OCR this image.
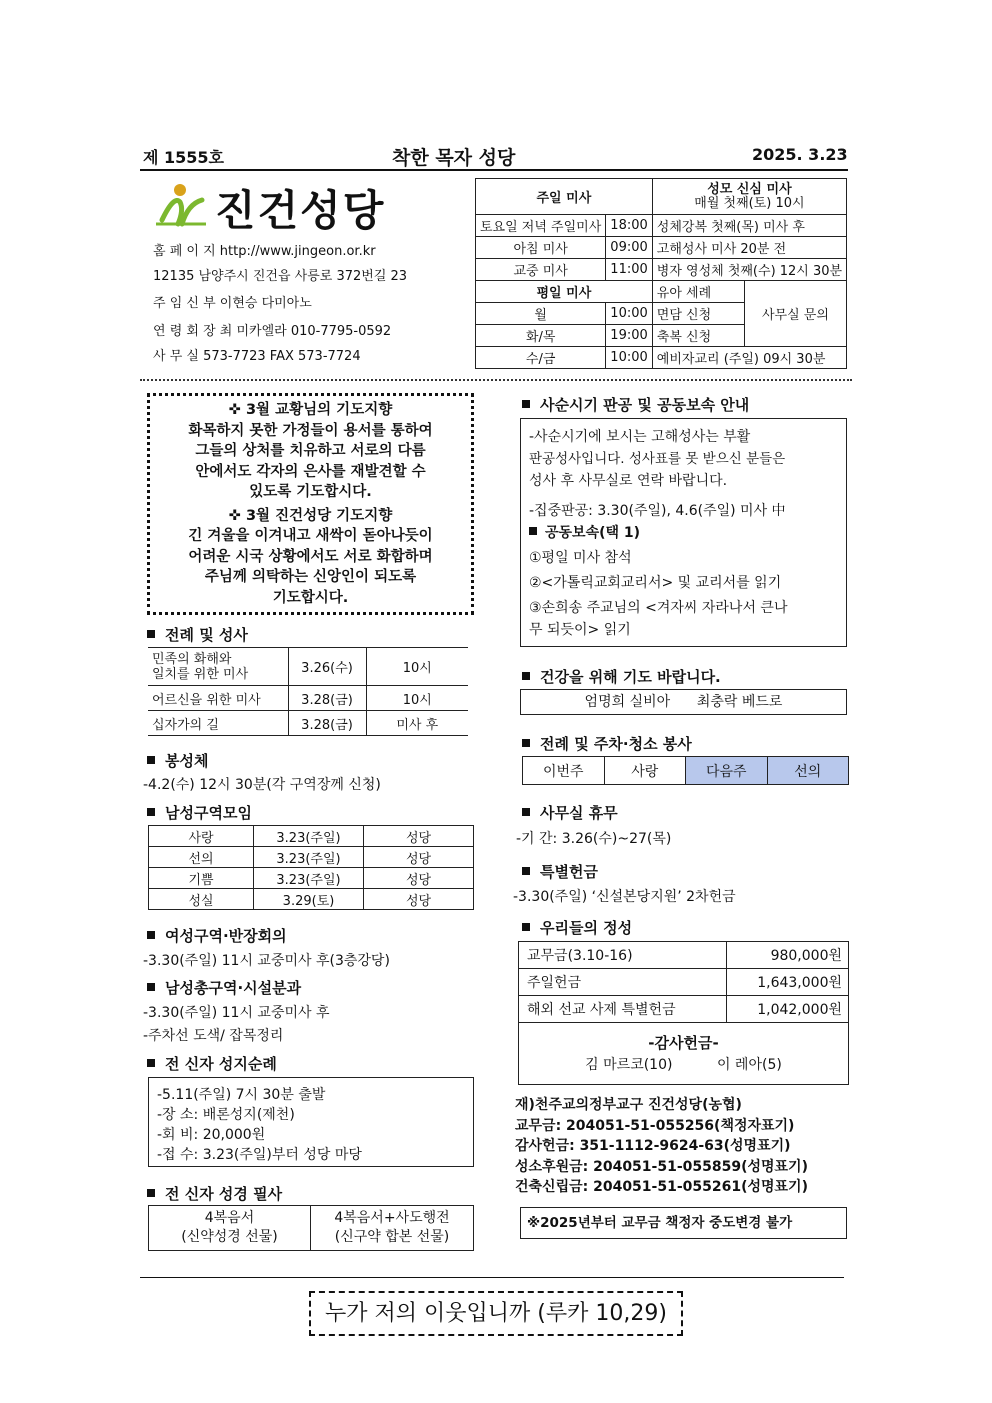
제 1555호	착한 목자 성당	2025. 3.23
진건성당
홈 페 이 지 http://www.jingeon.or.kr
12135 남양주시 진건읍 사릉로 372번길 23
주 임 신 부 이현승 다미아노
연 령 회 장 최 미카엘라 010-7795-0592
사 무 실 573-7723 FAX 573-7724
주일 미사		성모 신심 미사
매월 첫째(토) 10시	

토요일 저녁 주일미사	18:00	성체강복 첫째(목) 미사 후	
아침 미사	09:00	고해성사 미사 20분 전	
교중 미사	11:00	병자 영성체 첫째(수) 12시 30분	
평일 미사		유아 세례	사무실 문의
월	10:00	면담 신청	
화/목	19:00	축복 신청	
수/금	10:00	예비자교리 (주일) 09시 30분	
✜ 3월 교황님의 기도지향
화목하지 못한 가정들이 용서를 통하여
그들의 상처를 치유하고 서로의 다름
안에서도 각자의 은사를 재발견할 수
있도록 기도합시다.
✜ 3월 진건성당 기도지향
긴 겨울을 이겨내고 새싹이 돋아나듯이
어려운 시국 상황에서도 서로 화합하며
주님께 의탁하는 신앙인이 되도록
기도합시다.
전례 및 성사
민족의 화해와
일치를 위한 미사	3.26(수)	10시
어르신을 위한 미사	3.28(금)	10시
십자가의 길	3.28(금)	미사 후
봉성체
-4.2(수) 12시 30분(각 구역장께 신청)
남성구역모임
사랑	3.23(주일)	성당
선의	3.23(주일)	성당
기쁨	3.23(주일)	성당
성실	3.29(토)	성당
여성구역·반장회의
-3.30(주일) 11시 교중미사 후(3층강당)
남성총구역·시설분과
-3.30(주일) 11시 교중미사 후
-주차선 도색/ 잡목정리
전 신자 성지순례
-5.11(주일) 7시 30분 출발
-장 소: 배론성지(제천)
-회 비: 20,000원
-접 수: 3.23(주일)부터 성당 마당
전 신자 성경 필사
4복음서
(신약성경 선물)

4복음서+사도행전
(신구약 합본 선물)
사순시기 판공 및 공동보속 안내
-사순시기에 보시는 고해성사는 부활
판공성사입니다. 성사표를 못 받으신 분들은
성사 후 사무실로 연락 바랍니다.
-집중판공: 3.30(주일), 4.6(주일) 미사 中
공동보속(택 1)
①평일 미사 참석
②<가톨릭교회교리서> 및 교리서를 읽기
③손희송 주교님의 <겨자씨 자라나서 큰나
무 되듯이> 읽기
건강을 위해 기도 바랍니다.
엄명희 실비아      최충락 베드로
전례 및 주차·청소 봉사
이번주	사랑	다음주	선의
사무실 휴무
-기 간: 3.26(수)~27(목)
특별헌금
-3.30(주일) ‘신설본당지원’ 2차헌금
우리들의 정성
교무금(3.10-16)	980,000원
주일헌금	1,643,000원
해외 선교 사제 특별헌금	1,042,000원

-감사헌금-
김 마르코(10)          이 레아(5)	
재)천주교의정부교구 진건성당(농협)
교무금: 204051-51-055256(책정자표기)
감사헌금: 351-1112-9624-63(성명표기)
성소후원금: 204051-51-055859(성명표기)
건축신립금: 204051-51-055261(성명표기)
※2025년부터 교무금 책정자 중도변경 불가
누가 저의 이웃입니까 (루카 10,29)
